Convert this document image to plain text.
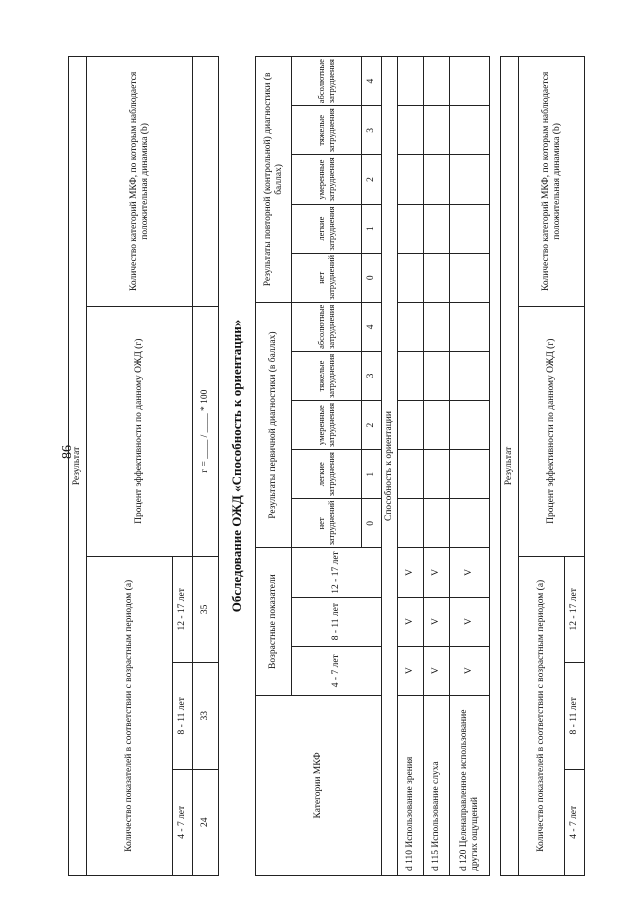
86
Результат				
Количество показателей в соответствии с возрастным периодом (а)			Процент эффективности по данному ОЖД (г)	Количество категорий МКФ, по которым наблюдается положительная динамика (b)
4 - 7 лет	8 - 11 лет	12 - 17 лет		
24	33	35	г = ____ / ____ * 100		Обследование ОЖД «Способность к ориентации»
Категории МКФ	Возрастные показатели			Результаты первичной диагностики (в баллах)					Результаты повторной (контрольной) диагностики (в баллах)				
	4 - 7 лет	8 - 11 лет	12 - 17 лет	нет затруднений	легкие затруднения	умеренные затруднения	тяжелые затруднения	абсолютные затруднения	нет затруднений	легкие затруднения	умеренные затруднения	тяжелые затруднения	абсолютные затруднения
				0	1	2	3	4	0	1	2	3	4
Способность к ориентации													
d 110 Использование зрения	V	V	V										
d 115 Использование слуха	V	V	V										
d 120 Целенаправленное использование других ощущений	V	V	V										
Результат				
Количество показателей в соответствии с возрастным периодом (а)			Процент эффективности по данному ОЖД (г)	Количество категорий МКФ, по которым наблюдается положительная динамика (b)
4 - 7 лет	8 - 11 лет	12 - 17 лет		
